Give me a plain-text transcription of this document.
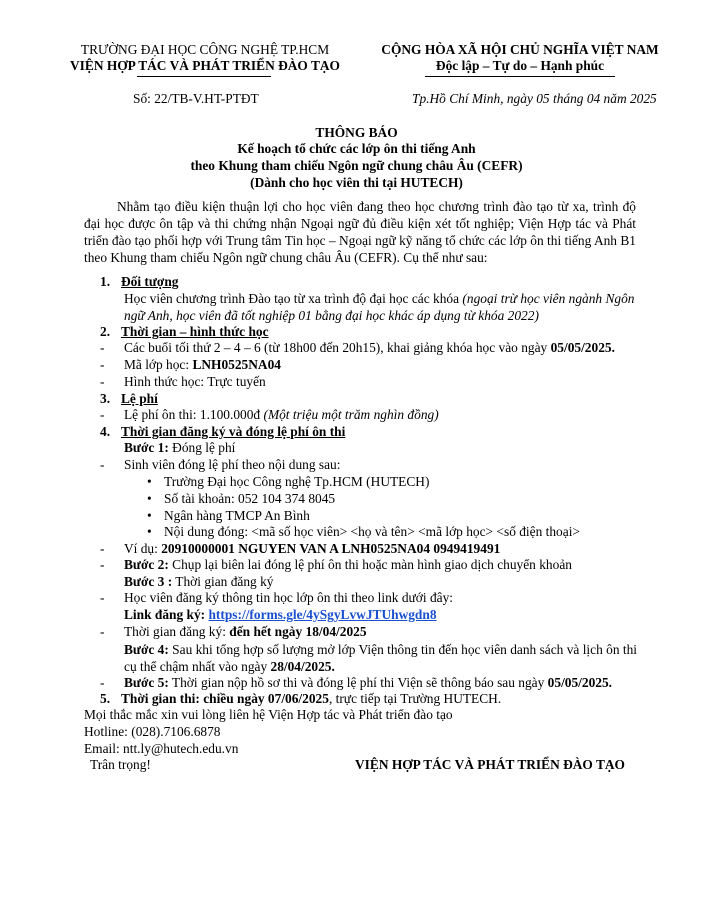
TRƯỜNG ĐẠI HỌC CÔNG NGHỆ TP.HCM
VIỆN HỢP TÁC VÀ PHÁT TRIỂN ĐÀO TẠO
CỘNG HÒA XÃ HỘI CHỦ NGHĨA VIỆT NAM
Độc lập – Tự do – Hạnh phúc
Số: 22/TB-V.HT-PTĐT	Tp.Hồ Chí Minh, ngày 05 tháng 04 năm 2025
THÔNG BÁO
Kế hoạch tổ chức các lớp ôn thi tiếng Anh
theo Khung tham chiếu Ngôn ngữ chung châu Âu (CEFR)
(Dành cho học viên thi tại HUTECH)
Nhằm tạo điều kiện thuận lợi cho học viên đang theo học chương trình đào tạo từ xa, trình độ đại học được ôn tập và thi chứng nhận Ngoại ngữ đủ điều kiện xét tốt nghiệp; Viện Hợp tác và Phát triển đào tạo phối hợp với Trung tâm Tin học – Ngoại ngữ kỹ năng tổ chức các lớp ôn thi tiếng Anh B1 theo Khung tham chiếu Ngôn ngữ chung châu Âu (CEFR). Cụ thể như sau:
1. Đối tượng
Học viên chương trình Đào tạo từ xa trình độ đại học các khóa (ngoại trừ học viên ngành Ngôn ngữ Anh, học viên đã tốt nghiệp 01 bằng đại học khác áp dụng từ khóa 2022)
2. Thời gian – hình thức học
- Các buổi tối thứ 2 – 4 – 6 (từ 18h00 đến 20h15), khai giảng khóa học vào ngày 05/05/2025.
- Mã lớp học: LNH0525NA04
- Hình thức học: Trực tuyến
3. Lệ phí
- Lệ phí ôn thi: 1.100.000đ (Một triệu một trăm nghìn đồng)
4. Thời gian đăng ký và đóng lệ phí ôn thi
Bước 1: Đóng lệ phí
- Sinh viên đóng lệ phí theo nội dung sau:
• Trường Đại học Công nghệ Tp.HCM (HUTECH)
• Số tài khoản: 052 104 374 8045
• Ngân hàng TMCP An Bình
• Nội dung đóng: <mã số học viên> <họ và tên> <mã lớp học> <số điện thoại>
- Ví dụ: 20910000001 NGUYEN VAN A LNH0525NA04 0949419491
- Bước 2: Chụp lại biên lai đóng lệ phí ôn thi hoặc màn hình giao dịch chuyển khoản
Bước 3 : Thời gian đăng ký
- Học viên đăng ký thông tin học lớp ôn thi theo link dưới đây:
Link đăng ký: https://forms.gle/4ySgyLvwJTUhwgdn8
- Thời gian đăng ký: đến hết ngày 18/04/2025
Bước 4: Sau khi tổng hợp số lượng mở lớp Viện thông tin đến học viên danh sách và lịch ôn thi cụ thể chậm nhất vào ngày 28/04/2025.
- Bước 5: Thời gian nộp hồ sơ thi và đóng lệ phí thi Viện sẽ thông báo sau ngày 05/05/2025.
5. Thời gian thi: chiều ngày 07/06/2025, trực tiếp tại Trường HUTECH.
Mọi thắc mắc xin vui lòng liên hệ Viện Hợp tác và Phát triển đào tạo
Hotline: (028).7106.6878
Email: ntt.ly@hutech.edu.vn
Trân trọng!	VIỆN HỢP TÁC VÀ PHÁT TRIỂN ĐÀO TẠO
